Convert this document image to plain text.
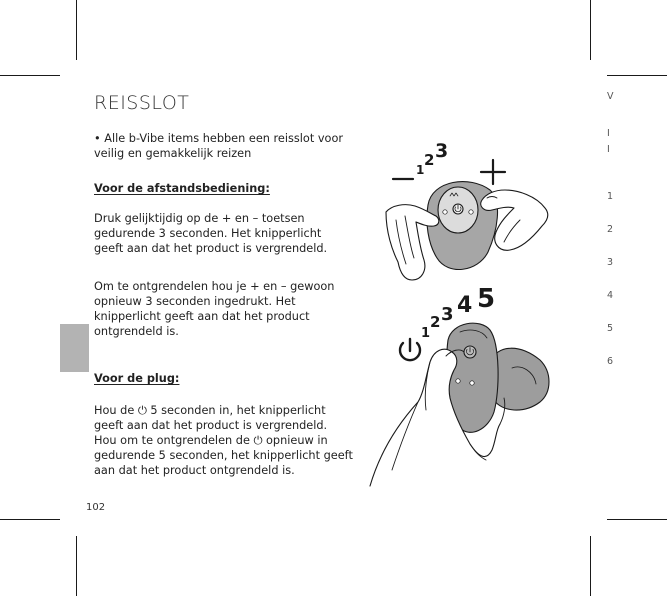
REISSLOT
• Alle b-Vibe items hebben een reisslot voor veilig en gemakkelijk reizen
Voor de afstandsbediening:
Druk gelijktijdig op de + en – toetsen gedurende 3 seconden. Het knipperlicht geeft aan dat het product is vergrendeld.
Om te ontgrendelen hou je + en – gewoon opnieuw 3 seconden ingedrukt. Het knipperlicht geeft aan dat het product ontgrendeld is.
Voor de plug:
Hou de ⏻ 5 seconden in, het knipperlicht geeft aan dat het product is vergrendeld.
Hou om te ontgrendelen de ⏻ opnieuw in gedurende 5 seconden, het knipperlicht geeft aan dat het product ontgrendeld is.
102
V
I
I
1
2
3
4
5
6
1
2 3
1
2 3 4 5
